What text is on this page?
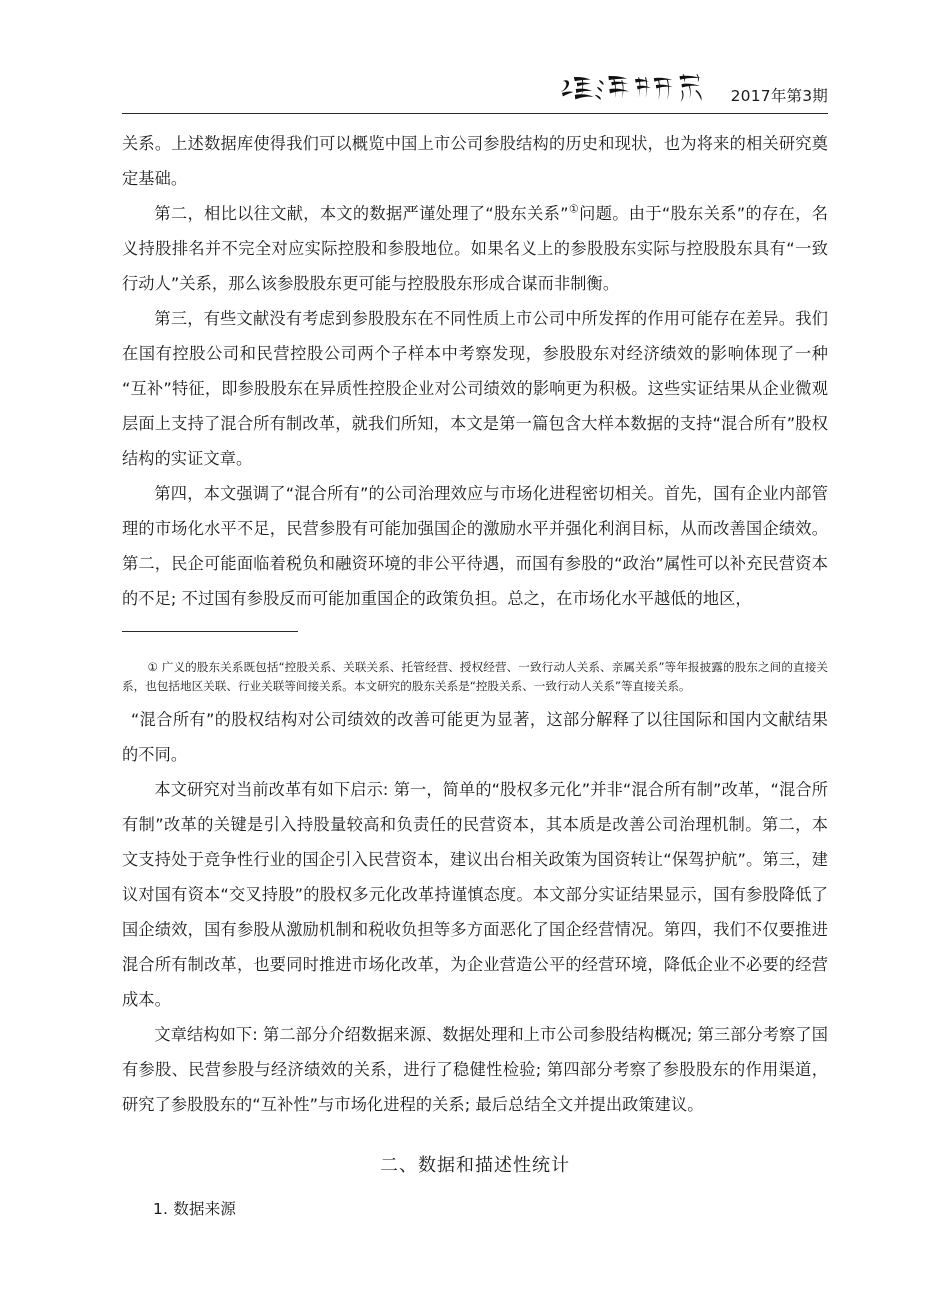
2017年第3期

关系。上述数据库使得我们可以概览中国上市公司参股结构的历史和现状，也为将来的相关研究奠定基础。

第二，相比以往文献，本文的数据严谨处理了“股东关系”①问题。由于“股东关系”的存在，名义持股排名并不完全对应实际控股和参股地位。如果名义上的参股股东实际与控股股东具有“一致行动人”关系，那么该参股股东更可能与控股股东形成合谋而非制衡。

第三，有些文献没有考虑到参股股东在不同性质上市公司中所发挥的作用可能存在差异。我们在国有控股公司和民营控股公司两个子样本中考察发现，参股股东对经济绩效的影响体现了一种“互补”特征，即参股股东在异质性控股企业对公司绩效的影响更为积极。这些实证结果从企业微观层面上支持了混合所有制改革，就我们所知，本文是第一篇包含大样本数据的支持“混合所有”股权结构的实证文章。

第四，本文强调了“混合所有”的公司治理效应与市场化进程密切相关。首先，国有企业内部管理的市场化水平不足，民营参股有可能加强国企的激励水平并强化利润目标，从而改善国企绩效。第二，民企可能面临着税负和融资环境的非公平待遇，而国有参股的“政治”属性可以补充民营资本的不足; 不过国有参股反而可能加重国企的政策负担。总之，在市场化水平越低的地区，

① 广义的股东关系既包括“控股关系、关联关系、托管经营、授权经营、一致行动人关系、亲属关系”等年报披露的股东之间的直接关系，也包括地区关联、行业关联等间接关系。本文研究的股东关系是“控股关系、一致行动人关系”等直接关系。

“混合所有”的股权结构对公司绩效的改善可能更为显著，这部分解释了以往国际和国内文献结果的不同。

本文研究对当前改革有如下启示: 第一，简单的“股权多元化”并非“混合所有制”改革，“混合所有制”改革的关键是引入持股量较高和负责任的民营资本，其本质是改善公司治理机制。第二，本文支持处于竞争性行业的国企引入民营资本，建议出台相关政策为国资转让“保驾护航”。第三，建议对国有资本“交叉持股”的股权多元化改革持谨慎态度。本文部分实证结果显示，国有参股降低了国企绩效，国有参股从激励机制和税收负担等多方面恶化了国企经营情况。第四，我们不仅要推进混合所有制改革，也要同时推进市场化改革，为企业营造公平的经营环境，降低企业不必要的经营成本。

文章结构如下: 第二部分介绍数据来源、数据处理和上市公司参股结构概况; 第三部分考察了国有参股、民营参股与经济绩效的关系，进行了稳健性检验; 第四部分考察了参股股东的作用渠道，研究了参股股东的“互补性”与市场化进程的关系; 最后总结全文并提出政策建议。

二、数据和描述性统计
1. 数据来源
